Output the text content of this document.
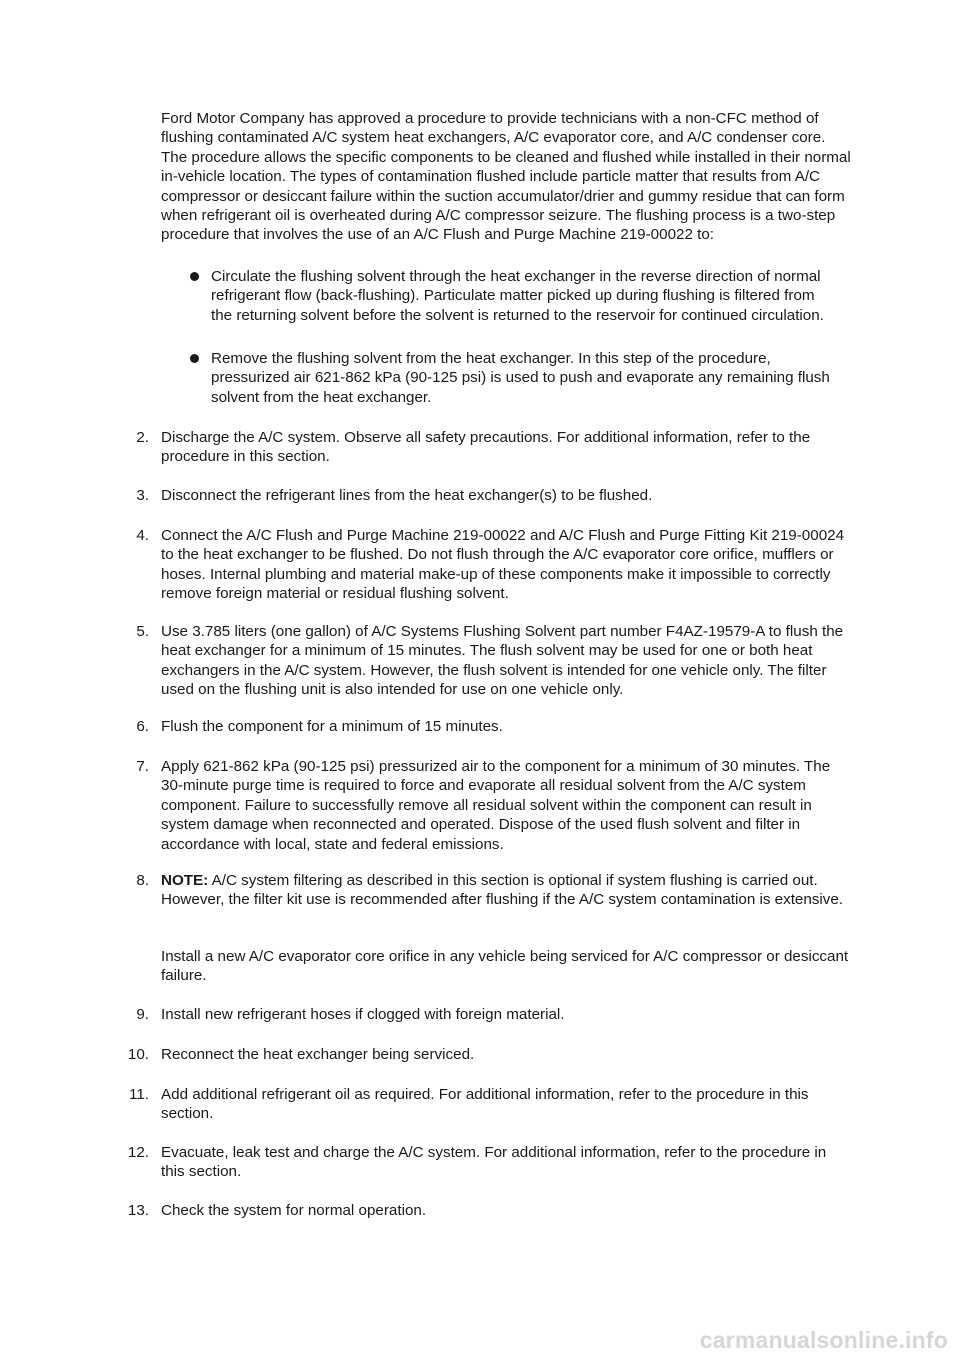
Ford Motor Company has approved a procedure to provide technicians with a non-CFC method of flushing contaminated A/C system heat exchangers, A/C evaporator core, and A/C condenser core. The procedure allows the specific components to be cleaned and flushed while installed in their normal in-vehicle location. The types of contamination flushed include particle matter that results from A/C compressor or desiccant failure within the suction accumulator/drier and gummy residue that can form when refrigerant oil is overheated during A/C compressor seizure. The flushing process is a two-step procedure that involves the use of an A/C Flush and Purge Machine 219-00022 to:

Circulate the flushing solvent through the heat exchanger in the reverse direction of normal refrigerant flow (back-flushing). Particulate matter picked up during flushing is filtered from the returning solvent before the solvent is returned to the reservoir for continued circulation.
Remove the flushing solvent from the heat exchanger. In this step of the procedure, pressurized air 621-862 kPa (90-125 psi) is used to push and evaporate any remaining flush solvent from the heat exchanger.
2. Discharge the A/C system. Observe all safety precautions. For additional information, refer to the procedure in this section.
3. Disconnect the refrigerant lines from the heat exchanger(s) to be flushed.
4. Connect the A/C Flush and Purge Machine 219-00022 and A/C Flush and Purge Fitting Kit 219-00024 to the heat exchanger to be flushed. Do not flush through the A/C evaporator core orifice, mufflers or hoses. Internal plumbing and material make-up of these components make it impossible to correctly remove foreign material or residual flushing solvent.
5. Use 3.785 liters (one gallon) of A/C Systems Flushing Solvent part number F4AZ-19579-A to flush the heat exchanger for a minimum of 15 minutes. The flush solvent may be used for one or both heat exchangers in the A/C system. However, the flush solvent is intended for one vehicle only. The filter used on the flushing unit is also intended for use on one vehicle only.
6. Flush the component for a minimum of 15 minutes.
7. Apply 621-862 kPa (90-125 psi) pressurized air to the component for a minimum of 30 minutes. The 30-minute purge time is required to force and evaporate all residual solvent from the A/C system component. Failure to successfully remove all residual solvent within the component can result in system damage when reconnected and operated. Dispose of the used flush solvent and filter in accordance with local, state and federal emissions.
8. NOTE: A/C system filtering as described in this section is optional if system flushing is carried out. However, the filter kit use is recommended after flushing if the A/C system contamination is extensive.
Install a new A/C evaporator core orifice in any vehicle being serviced for A/C compressor or desiccant failure.
9. Install new refrigerant hoses if clogged with foreign material.
10. Reconnect the heat exchanger being serviced.
11. Add additional refrigerant oil as required. For additional information, refer to the procedure in this section.
12. Evacuate, leak test and charge the A/C system. For additional information, refer to the procedure in this section.
13. Check the system for normal operation.
carmanualsonline.info
